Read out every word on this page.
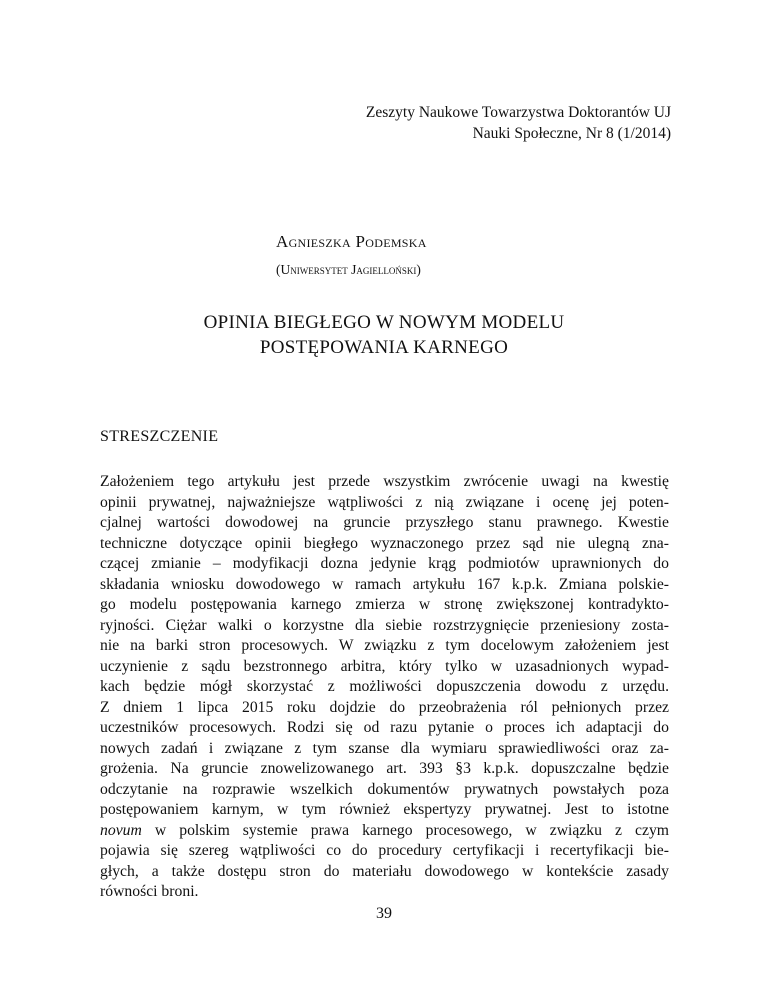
Zeszyty Naukowe Towarzystwa Doktorantów UJ
Nauki Społeczne, Nr 8 (1/2014)
Agnieszka Podemska
(Uniwersytet Jagielloński)
OPINIA BIEGŁEGO W NOWYM MODELU
POSTĘPOWANIA KARNEGO
STRESZCZENIE
Założeniem tego artykułu jest przede wszystkim zwrócenie uwagi na kwestię
opinii prywatnej, najważniejsze wątpliwości z nią związane i ocenę jej poten-
cjalnej wartości dowodowej na gruncie przyszłego stanu prawnego. Kwestie
techniczne dotyczące opinii biegłego wyznaczonego przez sąd nie ulegną zna-
czącej zmianie – modyfikacji dozna jedynie krąg podmiotów uprawnionych do
składania wniosku dowodowego w ramach artykułu 167 k.p.k. Zmiana polskie-
go modelu postępowania karnego zmierza w stronę zwiększonej kontradykto-
ryjności. Ciężar walki o korzystne dla siebie rozstrzygnięcie przeniesiony zosta-
nie na barki stron procesowych. W związku z tym docelowym założeniem jest
uczynienie z sądu bezstronnego arbitra, który tylko w uzasadnionych wypad-
kach będzie mógł skorzystać z możliwości dopuszczenia dowodu z urzędu.
Z dniem 1 lipca 2015 roku dojdzie do przeobrażenia ról pełnionych przez
uczestników procesowych. Rodzi się od razu pytanie o proces ich adaptacji do
nowych zadań i związane z tym szanse dla wymiaru sprawiedliwości oraz za-
grożenia. Na gruncie znowelizowanego art. 393 §3 k.p.k. dopuszczalne będzie
odczytanie na rozprawie wszelkich dokumentów prywatnych powstałych poza
postępowaniem karnym, w tym również ekspertyzy prywatnej. Jest to istotne
novum w polskim systemie prawa karnego procesowego, w związku z czym
pojawia się szereg wątpliwości co do procedury certyfikacji i recertyfikacji bie-
głych, a także dostępu stron do materiału dowodowego w kontekście zasady
równości broni.
39
